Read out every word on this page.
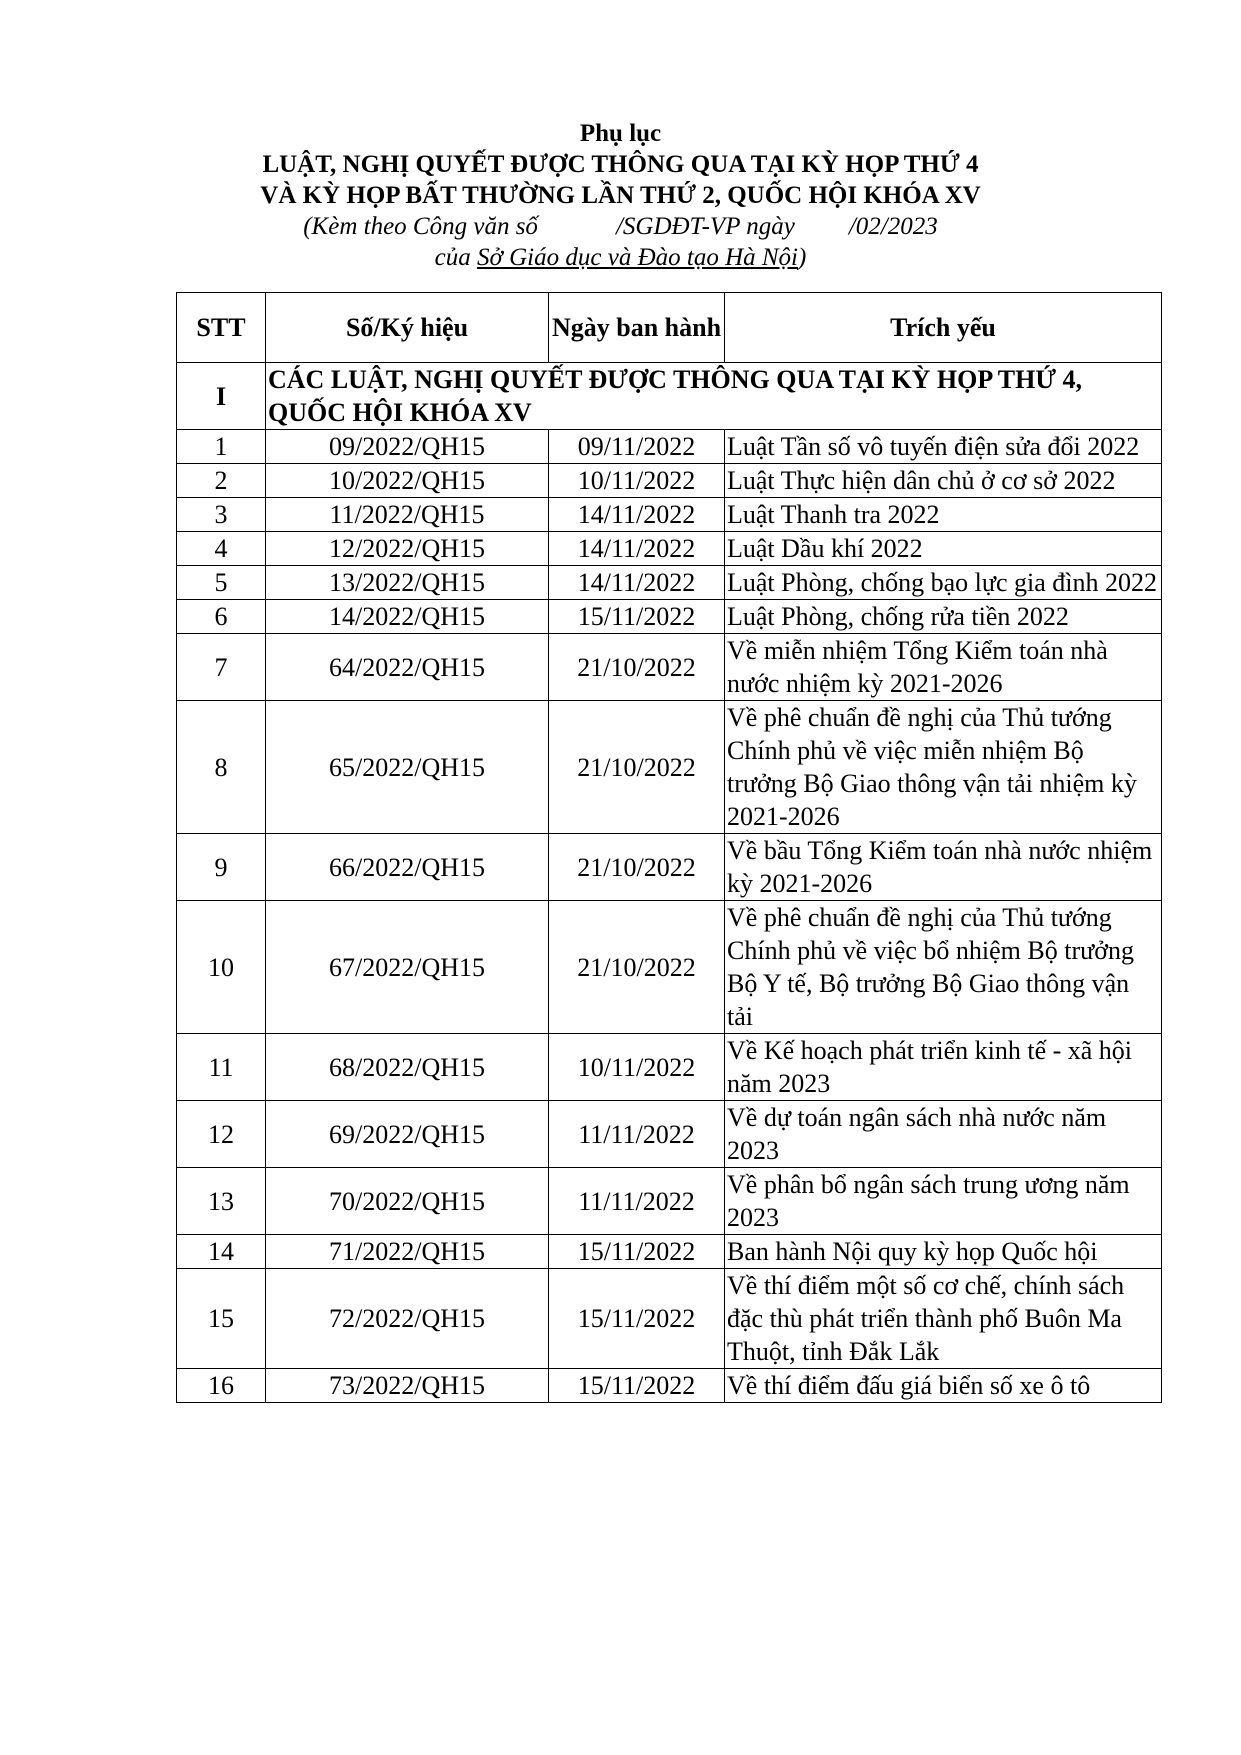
Phụ lục
LUẬT, NGHỊ QUYẾT ĐƯỢC THÔNG QUA TẠI KỲ HỌP THỨ 4
VÀ KỲ HỌP BẤT THƯỜNG LẦN THỨ 2, QUỐC HỘI KHÓA XV
(Kèm theo Công văn số	/SGDĐT-VP ngày /02/2023
của Sở Giáo dục và Đào tạo Hà Nội)
STT	Số/Ký hiệu	Ngày ban hành	Trích yếu
I	CÁC LUẬT, NGHỊ QUYẾT ĐƯỢC THÔNG QUA TẠI KỲ HỌP THỨ 4, QUỐC HỘI KHÓA XV		
1	09/2022/QH15	09/11/2022	Luật Tần số vô tuyến điện sửa đổi 2022
2	10/2022/QH15	10/11/2022	Luật Thực hiện dân chủ ở cơ sở 2022
3	11/2022/QH15	14/11/2022	Luật Thanh tra 2022
4	12/2022/QH15	14/11/2022	Luật Dầu khí 2022
5	13/2022/QH15	14/11/2022	Luật Phòng, chống bạo lực gia đình 2022
6	14/2022/QH15	15/11/2022	Luật Phòng, chống rửa tiền 2022
7	64/2022/QH15	21/10/2022	Về miễn nhiệm Tổng Kiểm toán nhà nước nhiệm kỳ 2021-2026
8	65/2022/QH15	21/10/2022	Về phê chuẩn đề nghị của Thủ tướng Chính phủ về việc miễn nhiệm Bộ trưởng Bộ Giao thông vận tải nhiệm kỳ 2021-2026
9	66/2022/QH15	21/10/2022	Về bầu Tổng Kiểm toán nhà nước nhiệm kỳ 2021-2026
10	67/2022/QH15	21/10/2022	Về phê chuẩn đề nghị của Thủ tướng Chính phủ về việc bổ nhiệm Bộ trưởng Bộ Y tế, Bộ trưởng Bộ Giao thông vận tải
11	68/2022/QH15	10/11/2022	Về Kế hoạch phát triển kinh tế - xã hội năm 2023
12	69/2022/QH15	11/11/2022	Về dự toán ngân sách nhà nước năm 2023
13	70/2022/QH15	11/11/2022	Về phân bổ ngân sách trung ương năm 2023
14	71/2022/QH15	15/11/2022	Ban hành Nội quy kỳ họp Quốc hội
15	72/2022/QH15	15/11/2022	Về thí điểm một số cơ chế, chính sách đặc thù phát triển thành phố Buôn Ma Thuột, tỉnh Đắk Lắk
16	73/2022/QH15	15/11/2022	Về thí điểm đấu giá biển số xe ô tô
